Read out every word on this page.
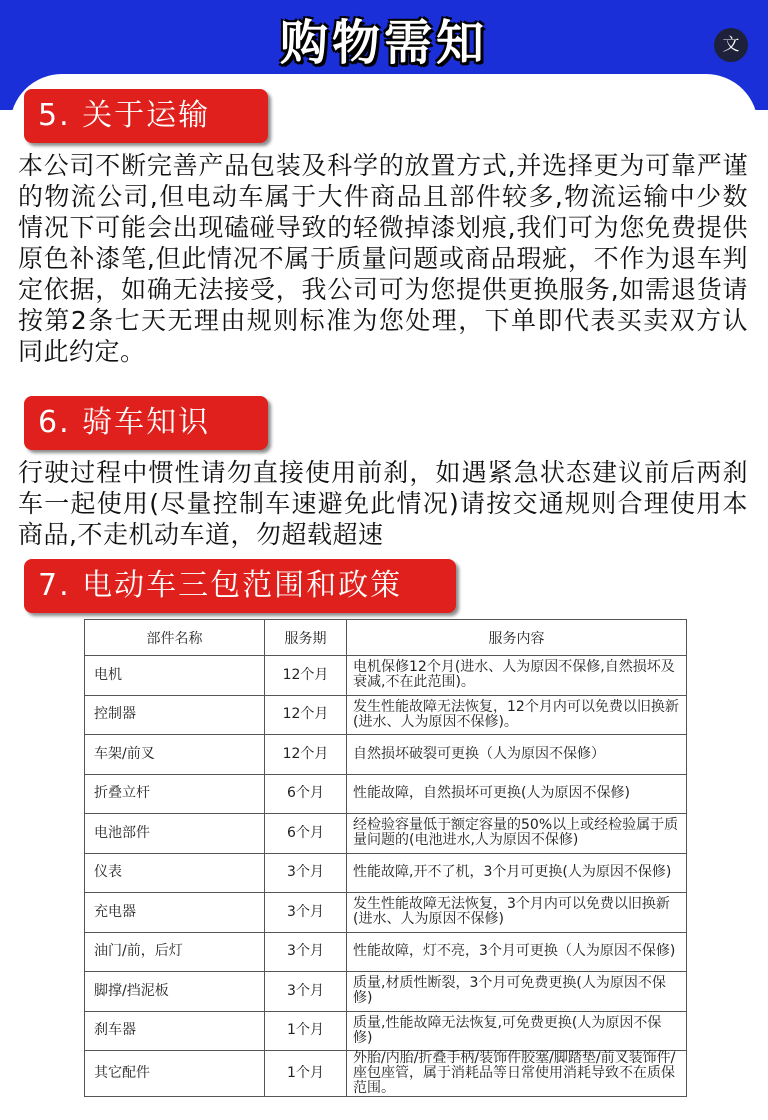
购物需知	文
5. 关于运输
本公司不断完善产品包装及科学的放置方式,并选择更为可靠严谨的物流公司,但电动车属于大件商品且部件较多,物流运输中少数情况下可能会出现磕碰导致的轻微掉漆划痕,我们可为您免费提供原色补漆笔,但此情况不属于质量问题或商品瑕疵，不作为退车判定依据，如确无法接受，我公司可为您提供更换服务,如需退货请按第2条七天无理由规则标准为您处理，下单即代表买卖双方认同此约定。
6. 骑车知识
行驶过程中惯性请勿直接使用前刹，如遇紧急状态建议前后两刹车一起使用(尽量控制车速避免此情况)请按交通规则合理使用本商品,不走机动车道，勿超载超速
7. 电动车三包范围和政策
部件名称	服务期	服务内容
电机	12个月	电机保修12个月(进水、人为原因不保修,自然损坏及衰减,不在此范围)。
控制器	12个月	发生性能故障无法恢复，12个月内可以免费以旧换新(进水、人为原因不保修)。
车架/前叉	12个月	自然损坏破裂可更换（人为原因不保修）
折叠立杆	6个月	性能故障，自然损坏可更换(人为原因不保修)
电池部件	6个月	经检验容量低于额定容量的50%以上或经检验属于质量问题的(电池进水,人为原因不保修)
仪表	3个月	性能故障,开不了机，3个月可更换(人为原因不保修)
充电器	3个月	发生性能故障无法恢复，3个月内可以免费以旧换新(进水、人为原因不保修)
油门/前，后灯	3个月	性能故障，灯不亮，3个月可更换（人为原因不保修)
脚撑/挡泥板	3个月	质量,材质性断裂，3个月可免费更换(人为原因不保修)
刹车器	1个月	质量,性能故障无法恢复,可免费更换(人为原因不保修)
其它配件	1个月	外胎/内胎/折叠手柄/装饰件胶塞/脚踏垫/前叉装饰件/座包座管，属于消耗品等日常使用消耗导致不在质保范围。
